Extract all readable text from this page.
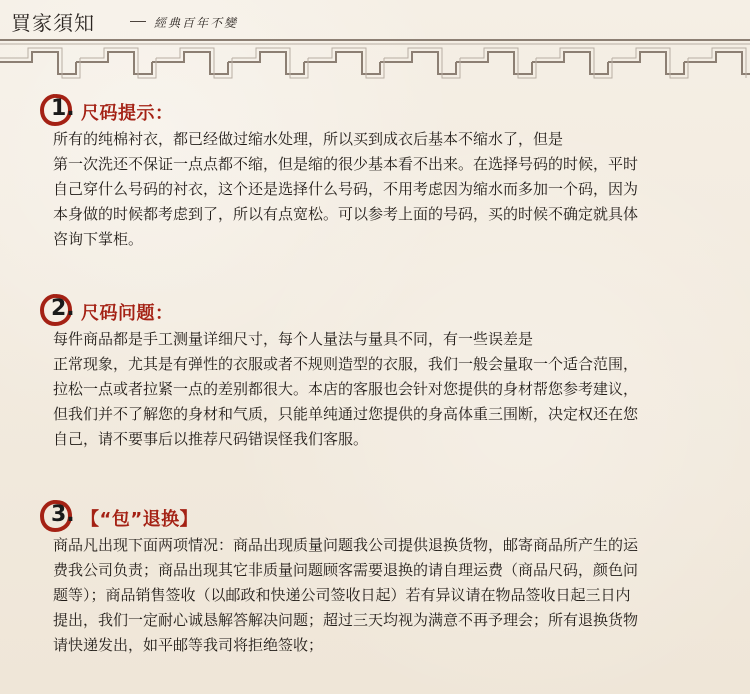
買家須知	經典百年不變
1. 尺码提示：
所有的纯棉衬衣，都已经做过缩水处理，所以买到成衣后基本不缩水了，但是
第一次洗还不保证一点点都不缩，但是缩的很少基本看不出来。在选择号码的时候，平时
自己穿什么号码的衬衣，这个还是选择什么号码，不用考虑因为缩水而多加一个码，因为
本身做的时候都考虑到了，所以有点宽松。可以参考上面的号码，买的时候不确定就具体
咨询下掌柜。
2. 尺码问题：
每件商品都是手工测量详细尺寸，每个人量法与量具不同，有一些误差是
正常现象，尤其是有弹性的衣服或者不规则造型的衣服，我们一般会量取一个适合范围，
拉松一点或者拉紧一点的差别都很大。本店的客服也会针对您提供的身材帮您参考建议，
但我们并不了解您的身材和气质，只能单纯通过您提供的身高体重三围断，决定权还在您
自己，请不要事后以推荐尺码错误怪我们客服。
3. 【“包”退换】
商品凡出现下面两项情况：商品出现质量问题我公司提供退换货物，邮寄商品所产生的运
费我公司负责；商品出现其它非质量问题顾客需要退换的请自理运费（商品尺码，颜色问
题等）；商品销售签收（以邮政和快递公司签收日起）若有异议请在物品签收日起三日内
提出，我们一定耐心诚恳解答解决问题；超过三天均视为满意不再予理会；所有退换货物
请快递发出，如平邮等我司将拒绝签收；
